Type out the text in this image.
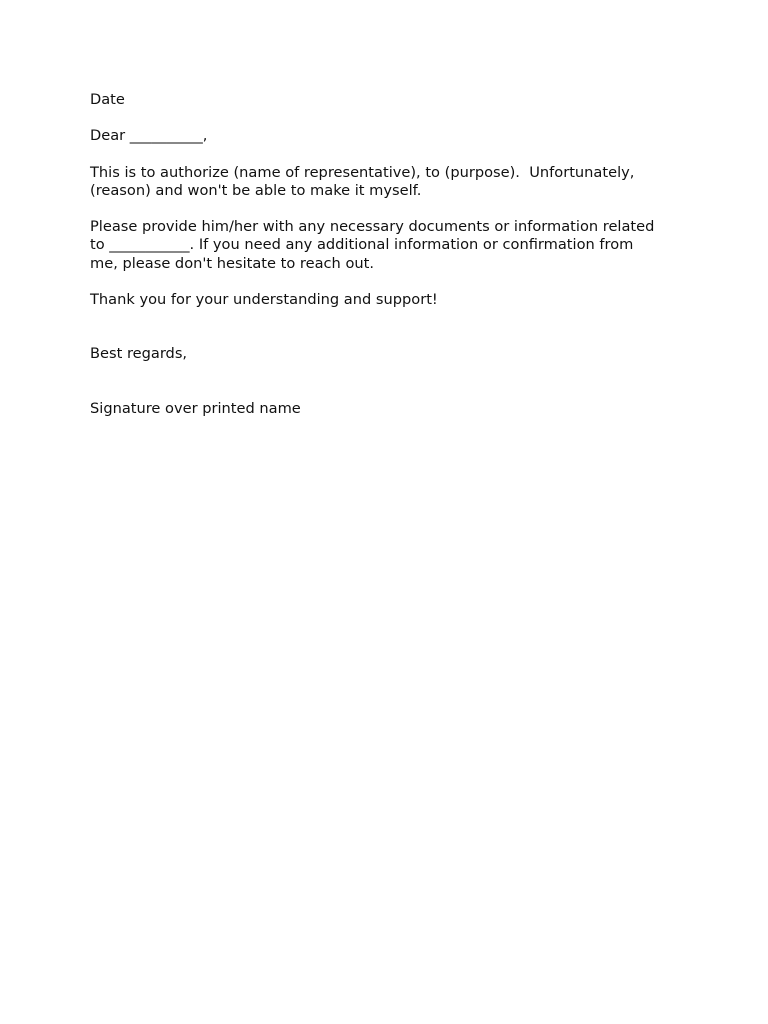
Date

Dear __________,

This is to authorize (name of representative), to (purpose).  Unfortunately,

(reason) and won't be able to make it myself.

Please provide him/her with any necessary documents or information related

to ___________. If you need any additional information or confirmation from

me, please don't hesitate to reach out.

Thank you for your understanding and support!

Best regards,

Signature over printed name
